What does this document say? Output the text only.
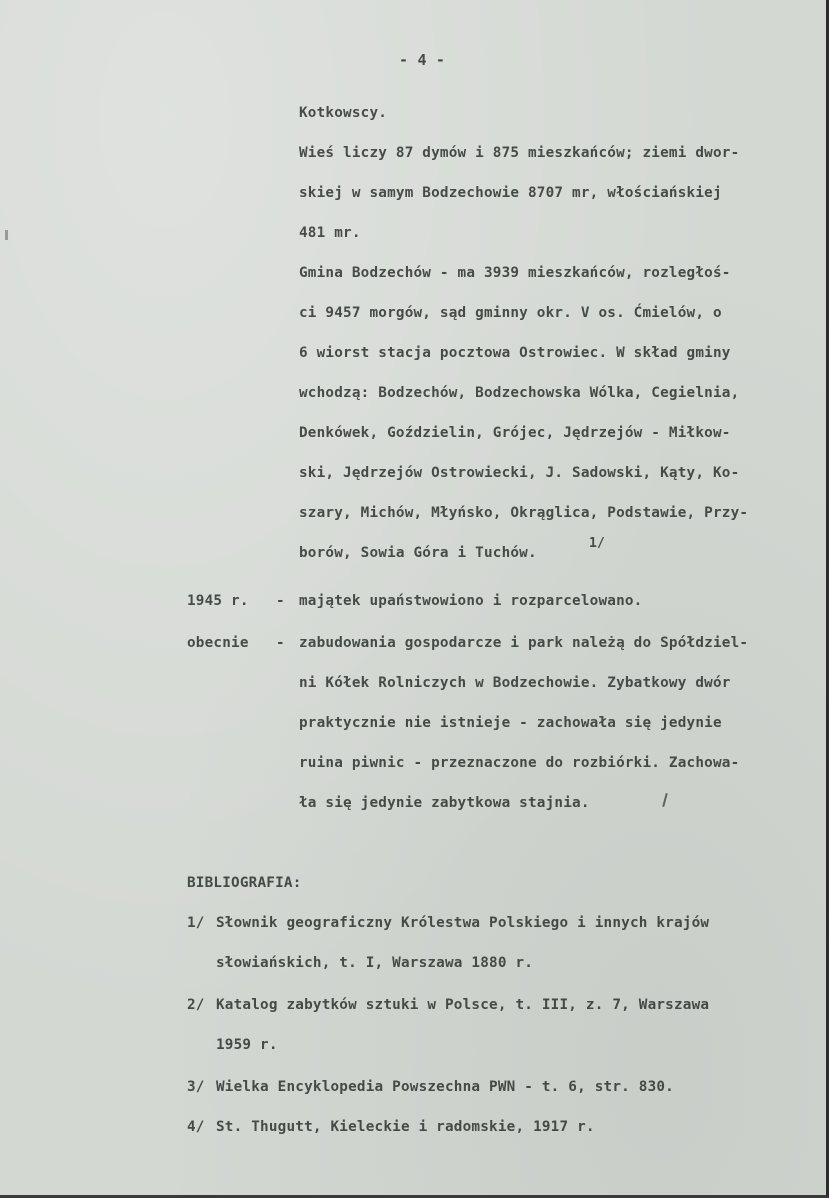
- 4 -
Kotkowscy.
Wieś liczy 87 dymów i 875 mieszkańców; ziemi dwor-
skiej w samym Bodzechowie 8707 mr, włościańskiej
481 mr.
Gmina Bodzechów - ma 3939 mieszkańców, rozległoś-
ci 9457 morgów, sąd gminny okr. V os. Ćmielów, o
6 wiorst stacja pocztowa Ostrowiec. W skład gminy
wchodzą: Bodzechów, Bodzechowska Wólka, Cegielnia,
Denkówek, Goździelin, Grójec, Jędrzejów - Miłkow-
ski, Jędrzejów Ostrowiecki, J. Sadowski, Kąty, Ko-
szary, Michów, Młyńsko, Okrąglica, Podstawie, Przy-
borów, Sowia Góra i Tuchów.
1/
1945 r. - majątek upaństwowiono i rozparcelowano.
obecnie - zabudowania gospodarcze i park należą do Spółdziel-
ni Kółek Rolniczych w Bodzechowie. Zybatkowy dwór
praktycznie nie istnieje - zachowała się jedynie
ruina piwnic - przeznaczone do rozbiórki. Zachowa-
ła się jedynie zabytkowa stajnia.
BIBLIOGRAFIA:
1/ Słownik geograficzny Królestwa Polskiego i innych krajów
słowiańskich, t. I, Warszawa 1880 r.
2/ Katalog zabytków sztuki w Polsce, t. III, z. 7, Warszawa
1959 r.
3/ Wielka Encyklopedia Powszechna PWN - t. 6, str. 830.
4/ St. Thugutt, Kieleckie i radomskie, 1917 r.
